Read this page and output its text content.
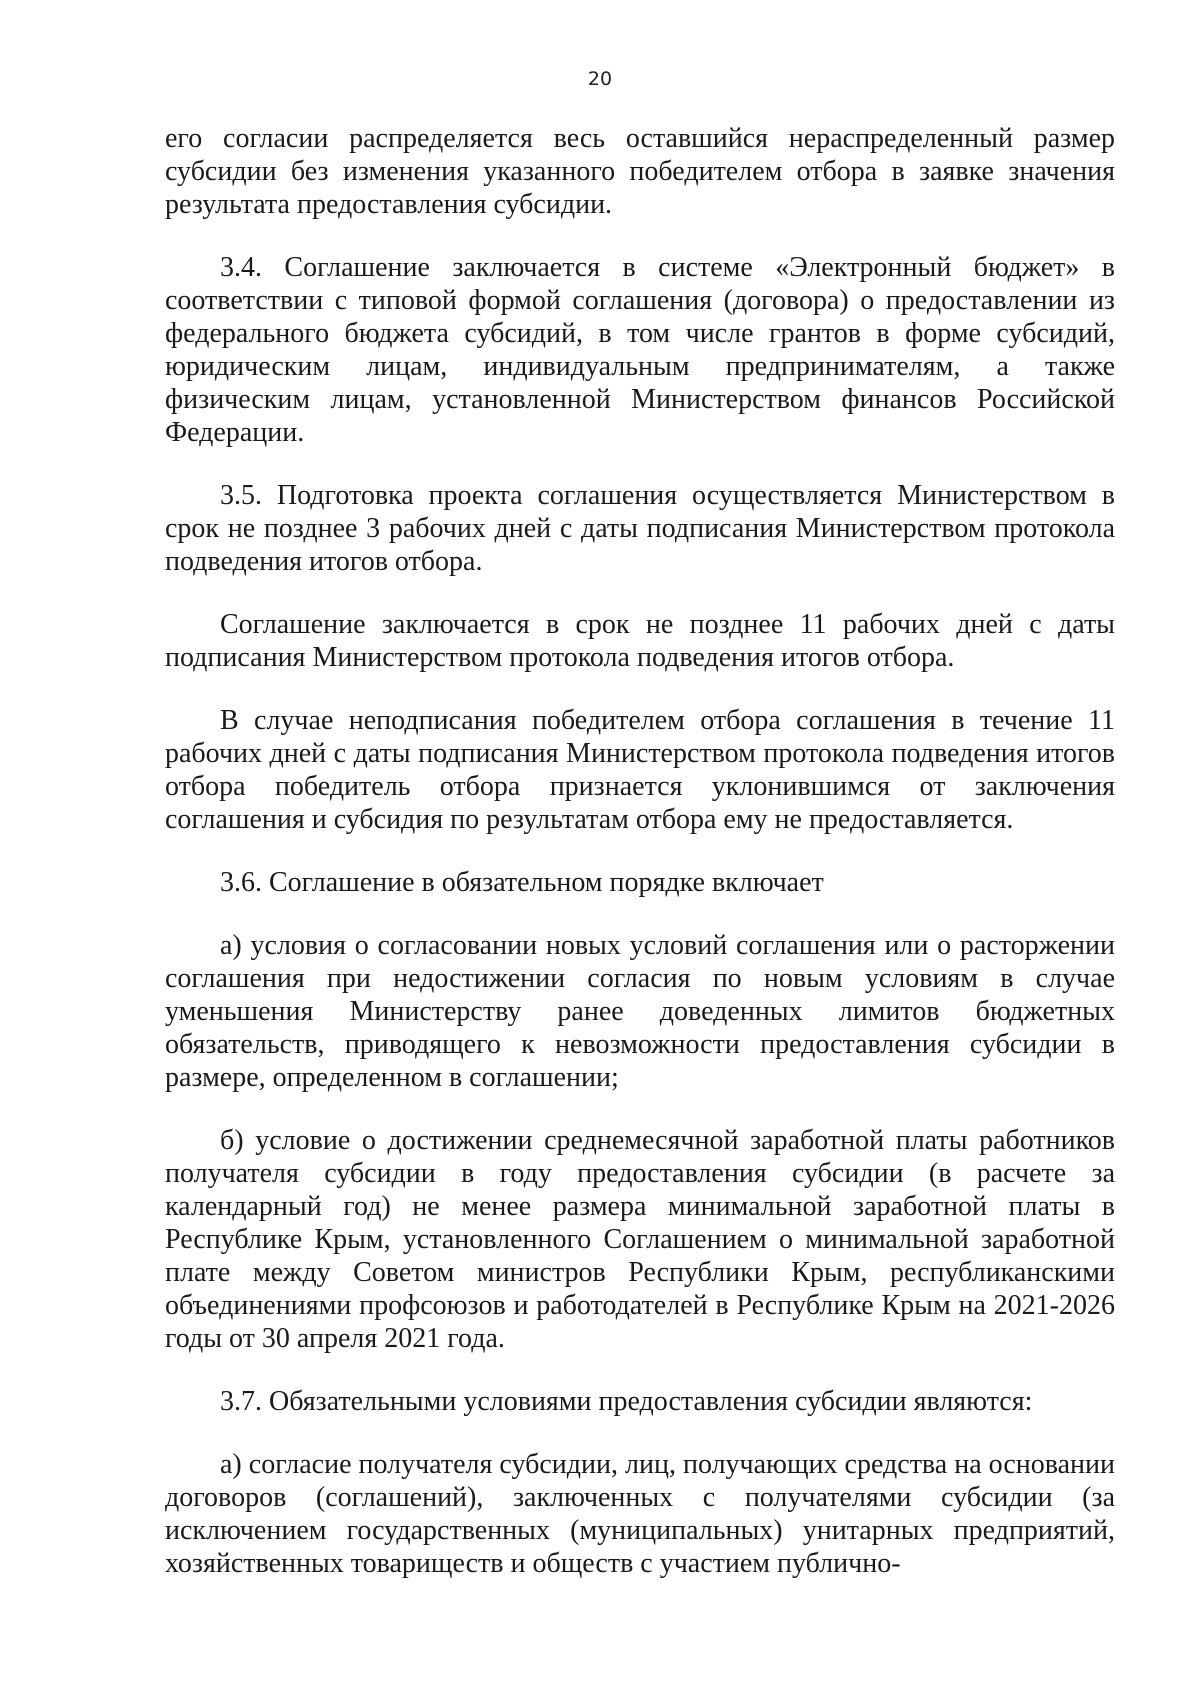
20

его согласии распределяется весь оставшийся нераспределенный размер субсидии без изменения указанного победителем отбора в заявке значения результата предоставления субсидии.

3.4. Соглашение заключается в системе «Электронный бюджет» в соответствии с типовой формой соглашения (договора) о предоставлении из федерального бюджета субсидий, в том числе грантов в форме субсидий, юридическим лицам, индивидуальным предпринимателям, а также физическим лицам, установленной Министерством финансов Российской Федерации.

3.5. Подготовка проекта соглашения осуществляется Министерством в срок не позднее 3 рабочих дней с даты подписания Министерством протокола подведения итогов отбора.

Соглашение заключается в срок не позднее 11 рабочих дней с даты подписания Министерством протокола подведения итогов отбора.

В случае неподписания победителем отбора соглашения в течение 11 рабочих дней с даты подписания Министерством протокола подведения итогов отбора победитель отбора признается уклонившимся от заключения соглашения и субсидия по результатам отбора ему не предоставляется.

3.6. Соглашение в обязательном порядке включает

а) условия о согласовании новых условий соглашения или о расторжении соглашения при недостижении согласия по новым условиям в случае уменьшения Министерству ранее доведенных лимитов бюджетных обязательств, приводящего к невозможности предоставления субсидии в размере, определенном в соглашении;

б) условие о достижении среднемесячной заработной платы работников получателя субсидии в году предоставления субсидии (в расчете за календарный год) не менее размера минимальной заработной платы в Республике Крым, установленного Соглашением о минимальной заработной плате между Советом министров Республики Крым, республиканскими объединениями профсоюзов и работодателей в Республике Крым на 2021-2026 годы от 30 апреля 2021 года.

3.7. Обязательными условиями предоставления субсидии являются:

а) согласие получателя субсидии, лиц, получающих средства на основании договоров (соглашений), заключенных с получателями субсидии (за исключением государственных (муниципальных) унитарных предприятий, хозяйственных товариществ и обществ с участием публично-
